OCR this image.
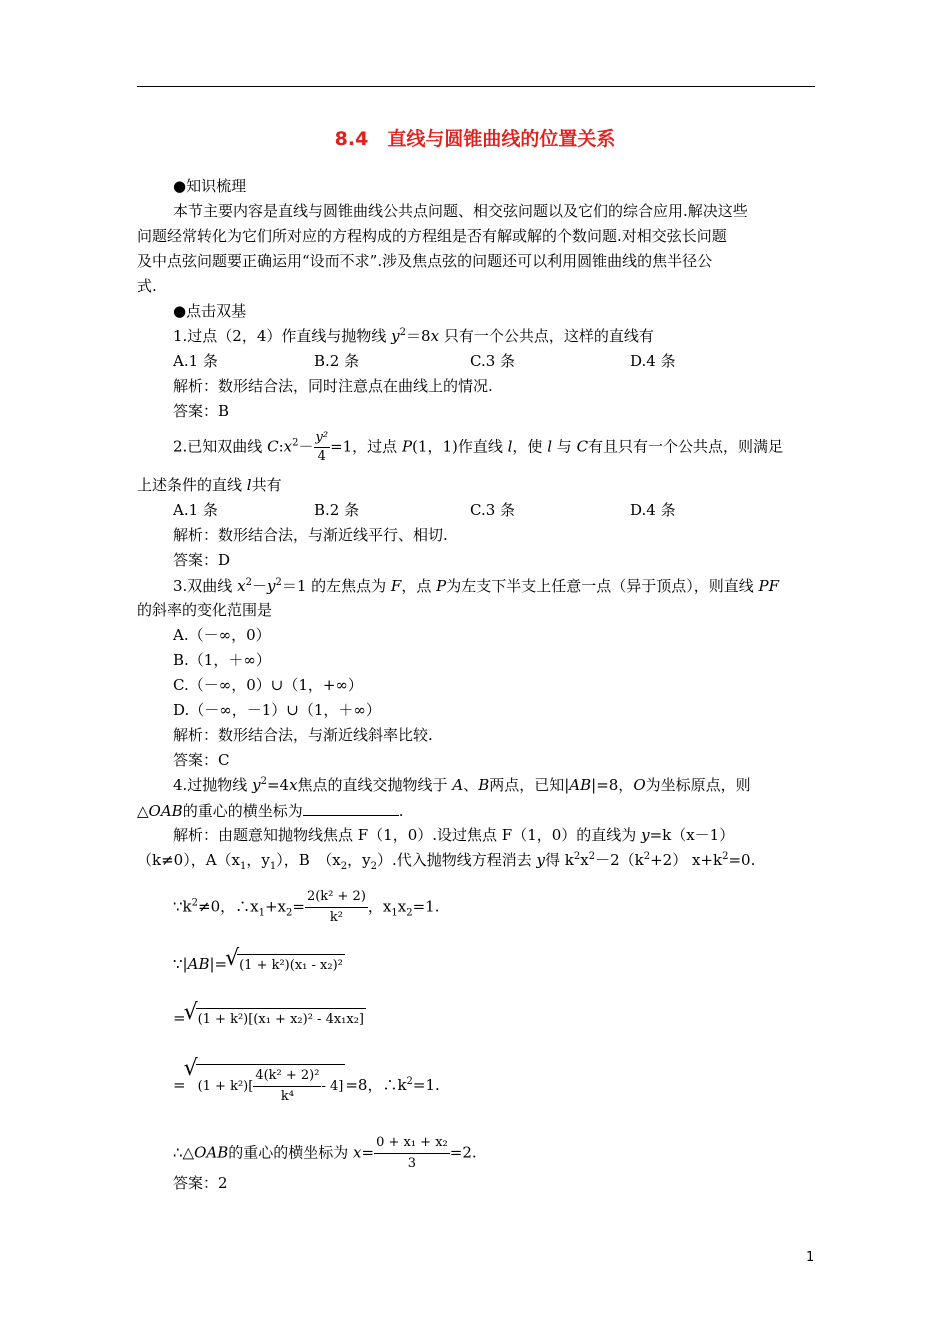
8.4　直线与圆锥曲线的位置关系
●知识梳理
本节主要内容是直线与圆锥曲线公共点问题、相交弦问题以及它们的综合应用.解决这些
问题经常转化为它们所对应的方程构成的方程组是否有解或解的个数问题.对相交弦长问题
及中点弦问题要正确运用“设而不求”.涉及焦点弦的问题还可以利用圆锥曲线的焦半径公
式.
●点击双基
1.过点（2，4）作直线与抛物线 $y^2=8x$ 只有一个公共点，这样的直线有
A.1 条	B.2 条	C.3 条	D.4 条
解析：数形结合法，同时注意点在曲线上的情况.
答案：B
2.已知双曲线 $C:x^2- \frac{\text{y²}}{4} =1$，过点 P(1，1)作直线 l，使 l 与 C有且只有一个公共点，则满足
上述条件的直线 l共有
A.1 条	B.2 条	C.3 条	D.4 条
解析：数形结合法，与渐近线平行、相切.
答案：D
3.双曲线 $x^2-y^2=1$ 的左焦点为 F，点 P为左支下半支上任意一点（异于顶点），则直线 PF
的斜率的变化范围是
A.（－∞，0）
B.（1，＋∞）
C.（－∞，0）∪（1，+∞）
D.（－∞，－1）∪（1，＋∞）
解析：数形结合法，与渐近线斜率比较.
答案：C
4.过抛物线 $y^2=4x$焦点的直线交抛物线于 A、B两点，已知|AB|=8，O为坐标原点，则
△OAB的重心的横坐标为	.
解析：由题意知抛物线焦点 F（1，0）.设过焦点 F（1，0）的直线为 y=k（x－1）
（k≠0），$A(x_1$，$y_1$），B　（$x_2$，$y_2$）.代入抛物线方程消去 y得 $k^2x^2-2(k^2+2)$ $x+k^2=0$.
$\because k^2\ne 0$，$\therefore x_1+x_2= \frac{\text{2(k² + 2)}}{\text{k²}}$ ，$x_1x_2=1$.
∵|AB|= √ (1 + k²)(x₁ - x₂)²
= √ (1 + k²)[(x₁ + x₂)² - 4x₁x₂]
= √ $(1 + k^2)[ \frac{\text{4(k² + 2)²}}{\text{k⁴}} - 4] =8$，$\therefore k^2=1$.
∴△OAB的重心的横坐标为 $x= \frac{\text{0 + x₁ + x₂}}{3} =2$.
答案：2
1
